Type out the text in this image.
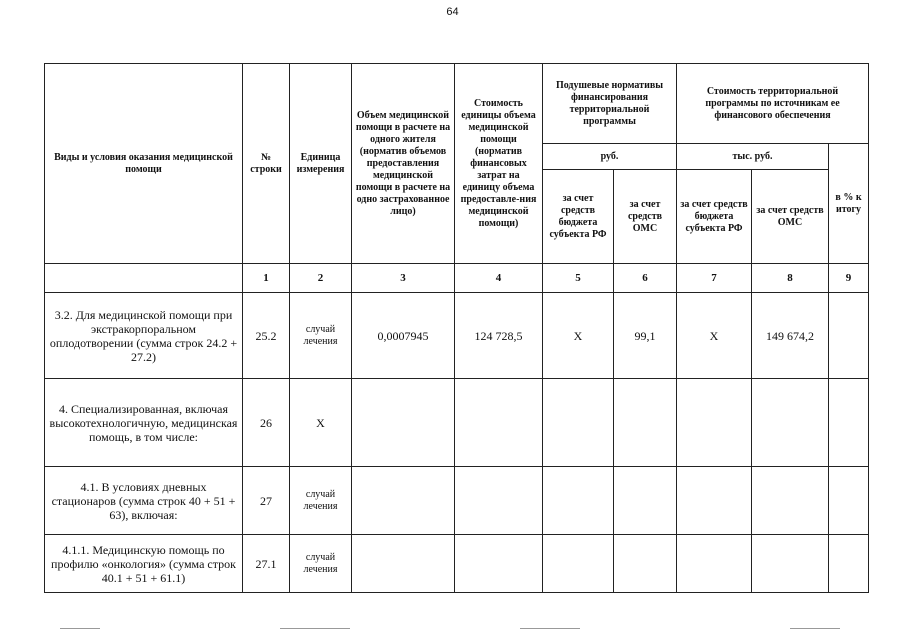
64
Виды и условия оказания медицинской помощи	№ строки	Единица измерения	Объем медицинской помощи в расчете на одного жителя (норматив объемов предоставления медицинской помощи в расчете на одно застрахованное лицо)	Стоимость единицы объема медицинской помощи (норматив финансовых затрат на единицу объема предоставле-ния медицинской помощи)	Подушевые нормативы финансирования территориальной программы		Стоимость территориальной программы по источникам ее финансового обеспечения		
					руб.		тыс. руб.		в % к итогу
					за счет средств бюджета субъекта РФ	за счет средств ОМС	за счет средств бюджета субъекта РФ	за счет средств ОМС	
	1	2	3	4	5	6	7	8	9
3.2. Для медицинской помощи при экстракорпоральном оплодотворении (сумма строк 24.2 + 27.2)	25.2	случай лечения	0,0007945	124 728,5	Х	99,1	Х	149 674,2	
4. Специализированная, включая высокотехнологичную, медицинская помощь, в том числе:	26	Х							
4.1. В условиях дневных стационаров (сумма строк 40 + 51 + 63), включая:	27	случай лечения							
4.1.1. Медицинскую помощь по профилю «онкология» (сумма строк 40.1 + 51 + 61.1)	27.1	случай лечения							
